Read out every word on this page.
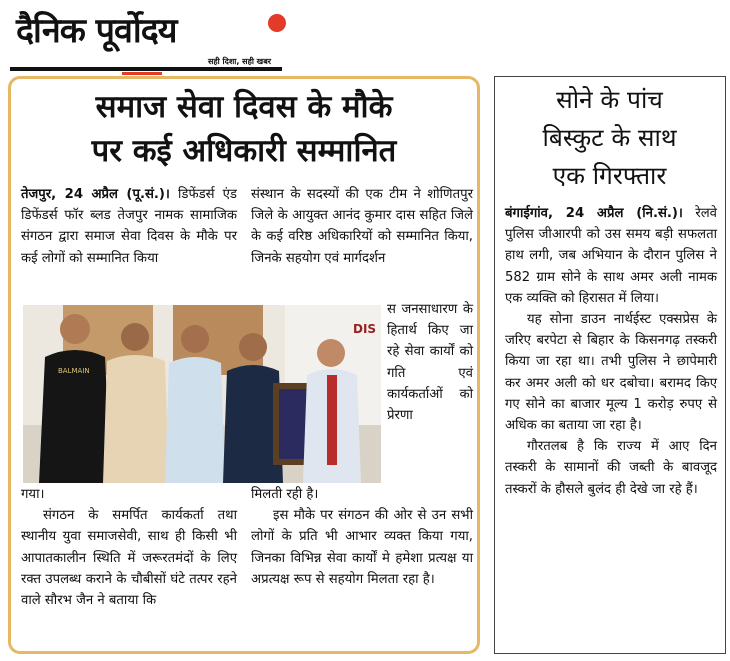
दैनिक पूर्वोदय
सही दिशा, सही खबर
समाज सेवा दिवस के मौके
पर कई अधिकारी सम्मानित

तेजपुर, 24 अप्रैल (पू.सं.)। डिफेंडर्स एंड डिफेंडर्स फॉर ब्लड तेजपुर नामक सामाजिक संगठन द्वारा समाज सेवा दिवस के मौके पर कई लोगों को सम्मानित किया

संस्थान के सदस्यों की एक टीम ने शोणितपुर जिले के आयुक्त आनंद कुमार दास सहित जिले के कई वरिष्ठ अधिकारियों को सम्मानित किया, जिनके सहयोग एवं मार्गदर्शन

स जनसाधारण के हितार्थ किए जा रहे सेवा कार्यों को गति एवं कार्यकर्ताओं को प्रेरणा

DIS
BALMAIN

गया।

संगठन के समर्पित कार्यकर्ता तथा स्थानीय युवा समाजसेवी, साथ ही किसी भी आपातकालीन स्थिति में जरूरतमंदों के लिए रक्त उपलब्ध कराने के चौबीसों घंटे तत्पर रहने वाले सौरभ जैन ने बताया कि

मिलती रही है।

इस मौके पर संगठन की ओर से उन सभी लोगों के प्रति भी आभार व्यक्त किया गया, जिनका विभिन्न सेवा कार्यों मे हमेशा प्रत्यक्ष या अप्रत्यक्ष रूप से सहयोग मिलता रहा है।

सोने के पांच
बिस्कुट के साथ
एक गिरफ्तार

बंगाईगांव, 24 अप्रैल (नि.सं.)। रेलवे पुलिस जीआरपी को उस समय बड़ी सफलता हाथ लगी, जब अभियान के दौरान पुलिस ने 582 ग्राम सोने के साथ अमर अली नामक एक व्यक्ति को हिरासत में लिया।

यह सोना डाउन नार्थईस्ट एक्सप्रेस के जरिए बरपेटा से बिहार के किसनगढ़ तस्करी किया जा रहा था। तभी पुलिस ने छापेमारी कर अमर अली को धर दबोचा। बरामद किए गए सोने का बाजार मूल्य 1 करोड़ रुपए से अधिक का बताया जा रहा है।

गौरतलब है कि राज्य में आए दिन तस्करी के सामानों की जब्ती के बावजूद तस्करों के हौसले बुलंद ही देखे जा रहे हैं।
